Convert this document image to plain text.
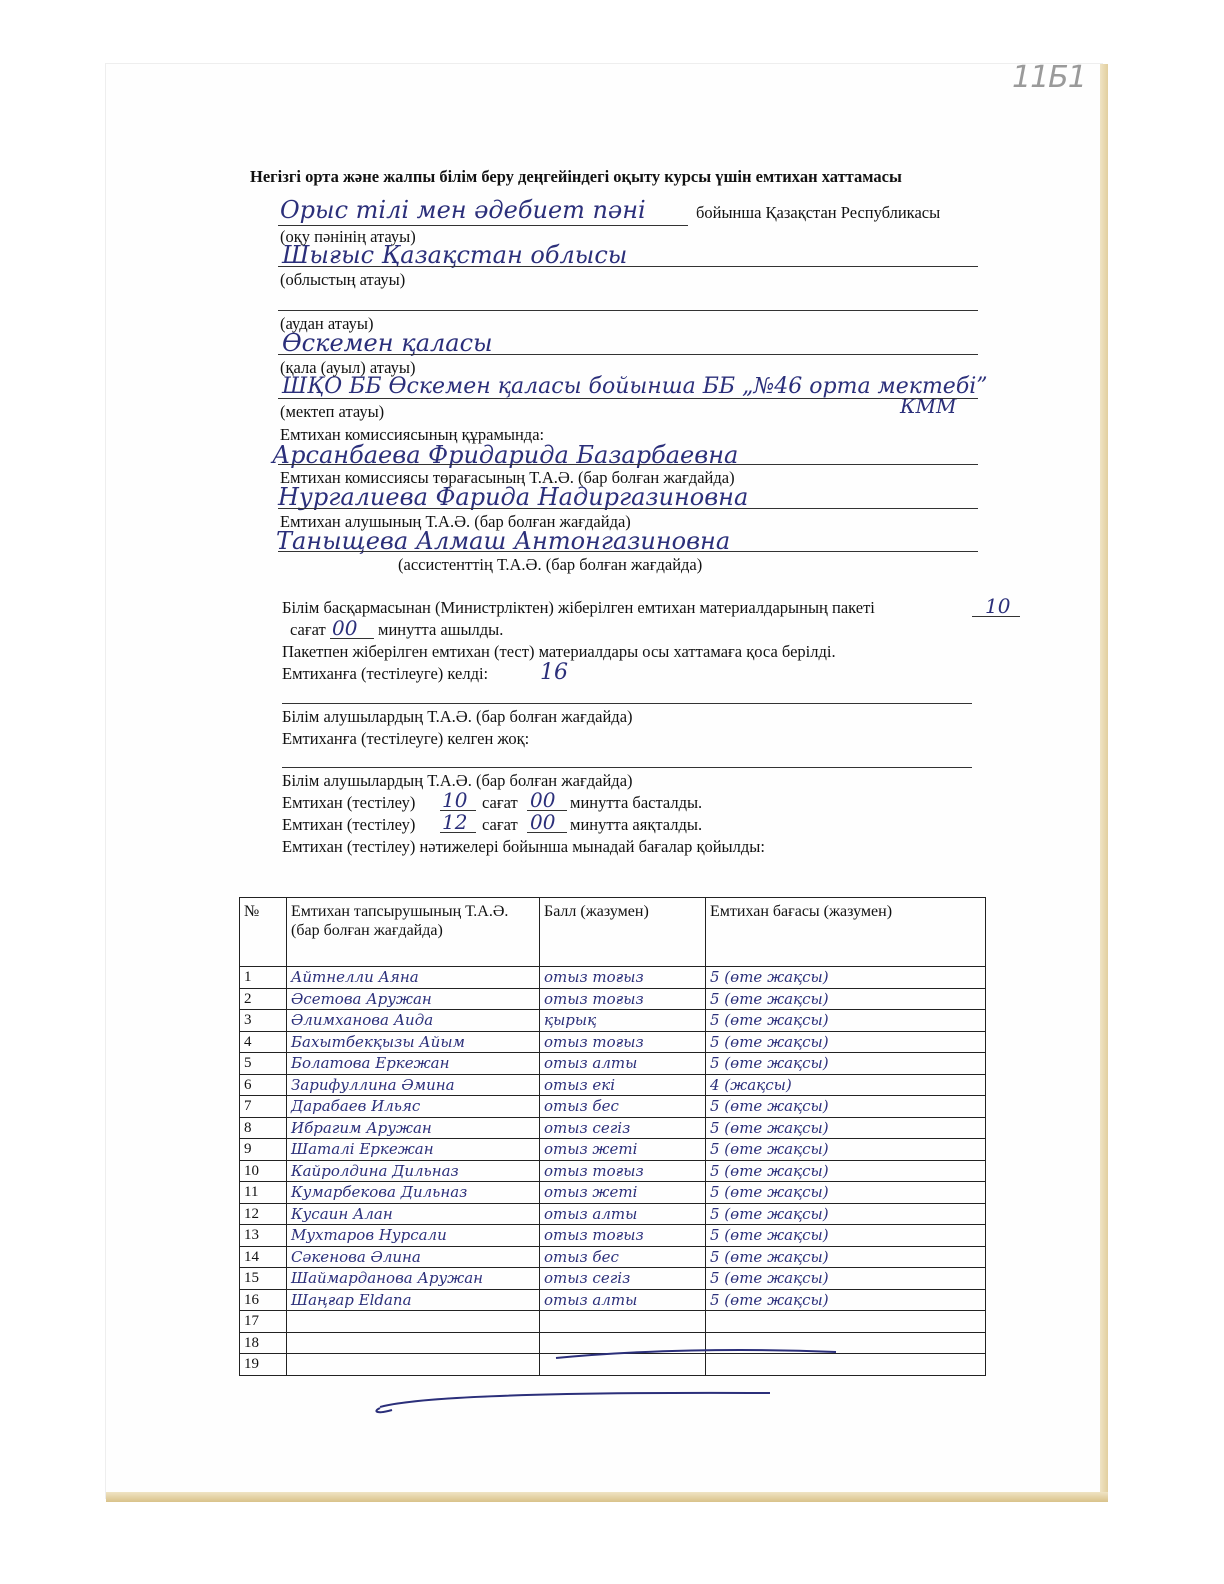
11Б1
Негізгі орта және жалпы білім беру деңгейіндегі оқыту курсы үшін емтихан хаттамасы
Орыс тілі мен әдебиет пәні	бойынша Қазақстан Республикасы
(оқу пәнінің атауы)
Шығыс Қазақстан облысы
(облыстың атауы)
(аудан атауы)
Өскемен қаласы
(қала (ауыл) атауы)
ШҚО ББ Өскемен қаласы бойынша ББ „№46 орта мектебі”
КММ
(мектеп атауы)
Емтихан комиссиясының құрамында:
Арсанбаева Фридарида Базарбаевна
Емтихан комиссиясы төрағасының Т.А.Ә. (бар болған жағдайда)
Нургалиева Фарида Надиргазиновна
Емтихан алушының Т.А.Ә. (бар болған жағдайда)
Таныщева Алмаш Антонгазиновна
(ассистенттің Т.А.Ә. (бар болған жағдайда)
Білім басқармасынан (Министрліктен) жіберілген емтихан материалдарының пакеті	10
сағат 00 минутта ашылды.
Пакетпен жіберілген емтихан (тест) материалдары осы хаттамаға қоса берілді.
Емтиханға (тестілеуге) келді: 16
Білім алушылардың Т.А.Ә. (бар болған жағдайда)
Емтиханға (тестілеуге) келген жоқ:
Білім алушылардың Т.А.Ә. (бар болған жағдайда)
Емтихан (тестілеу) 10 сағат 00 минутта басталды.
Емтихан (тестілеу) 12 сағат 00 минутта аяқталды.
Емтихан (тестілеу) нәтижелері бойынша мынадай бағалар қойылды:
№	Емтихан тапсырушының Т.А.Ә. (бар болған жағдайда)	Балл (жазумен)	Емтихан бағасы (жазумен)
1	Айтнелли Аяна	отыз тоғыз	5 (өте жақсы)
2	Әсетова Аружан	отыз тоғыз	5 (өте жақсы)
3	Әлимханова Аида	қырық	5 (өте жақсы)
4	Бахытбекқызы Айым	отыз тоғыз	5 (өте жақсы)
5	Болатова Еркежан	отыз алты	5 (өте жақсы)
6	Зарифуллина Әмина	отыз екі	4 (жақсы)
7	Дарабаев Ильяс	отыз бес	5 (өте жақсы)
8	Ибрагим Аружан	отыз сегіз	5 (өте жақсы)
9	Шаталі Еркежан	отыз жеті	5 (өте жақсы)
10	Кайролдина Дильназ	отыз тоғыз	5 (өте жақсы)
11	Кумарбекова Дильназ	отыз жеті	5 (өте жақсы)
12	Кусаин Алан	отыз алты	5 (өте жақсы)
13	Мухтаров Нурсали	отыз тоғыз	5 (өте жақсы)
14	Сәкенова Әлина	отыз бес	5 (өте жақсы)
15	Шаймарданова Аружан	отыз сегіз	5 (өте жақсы)
16	Шаңғар Еldana	отыз алты	5 (өте жақсы)
17			
18			
19			
